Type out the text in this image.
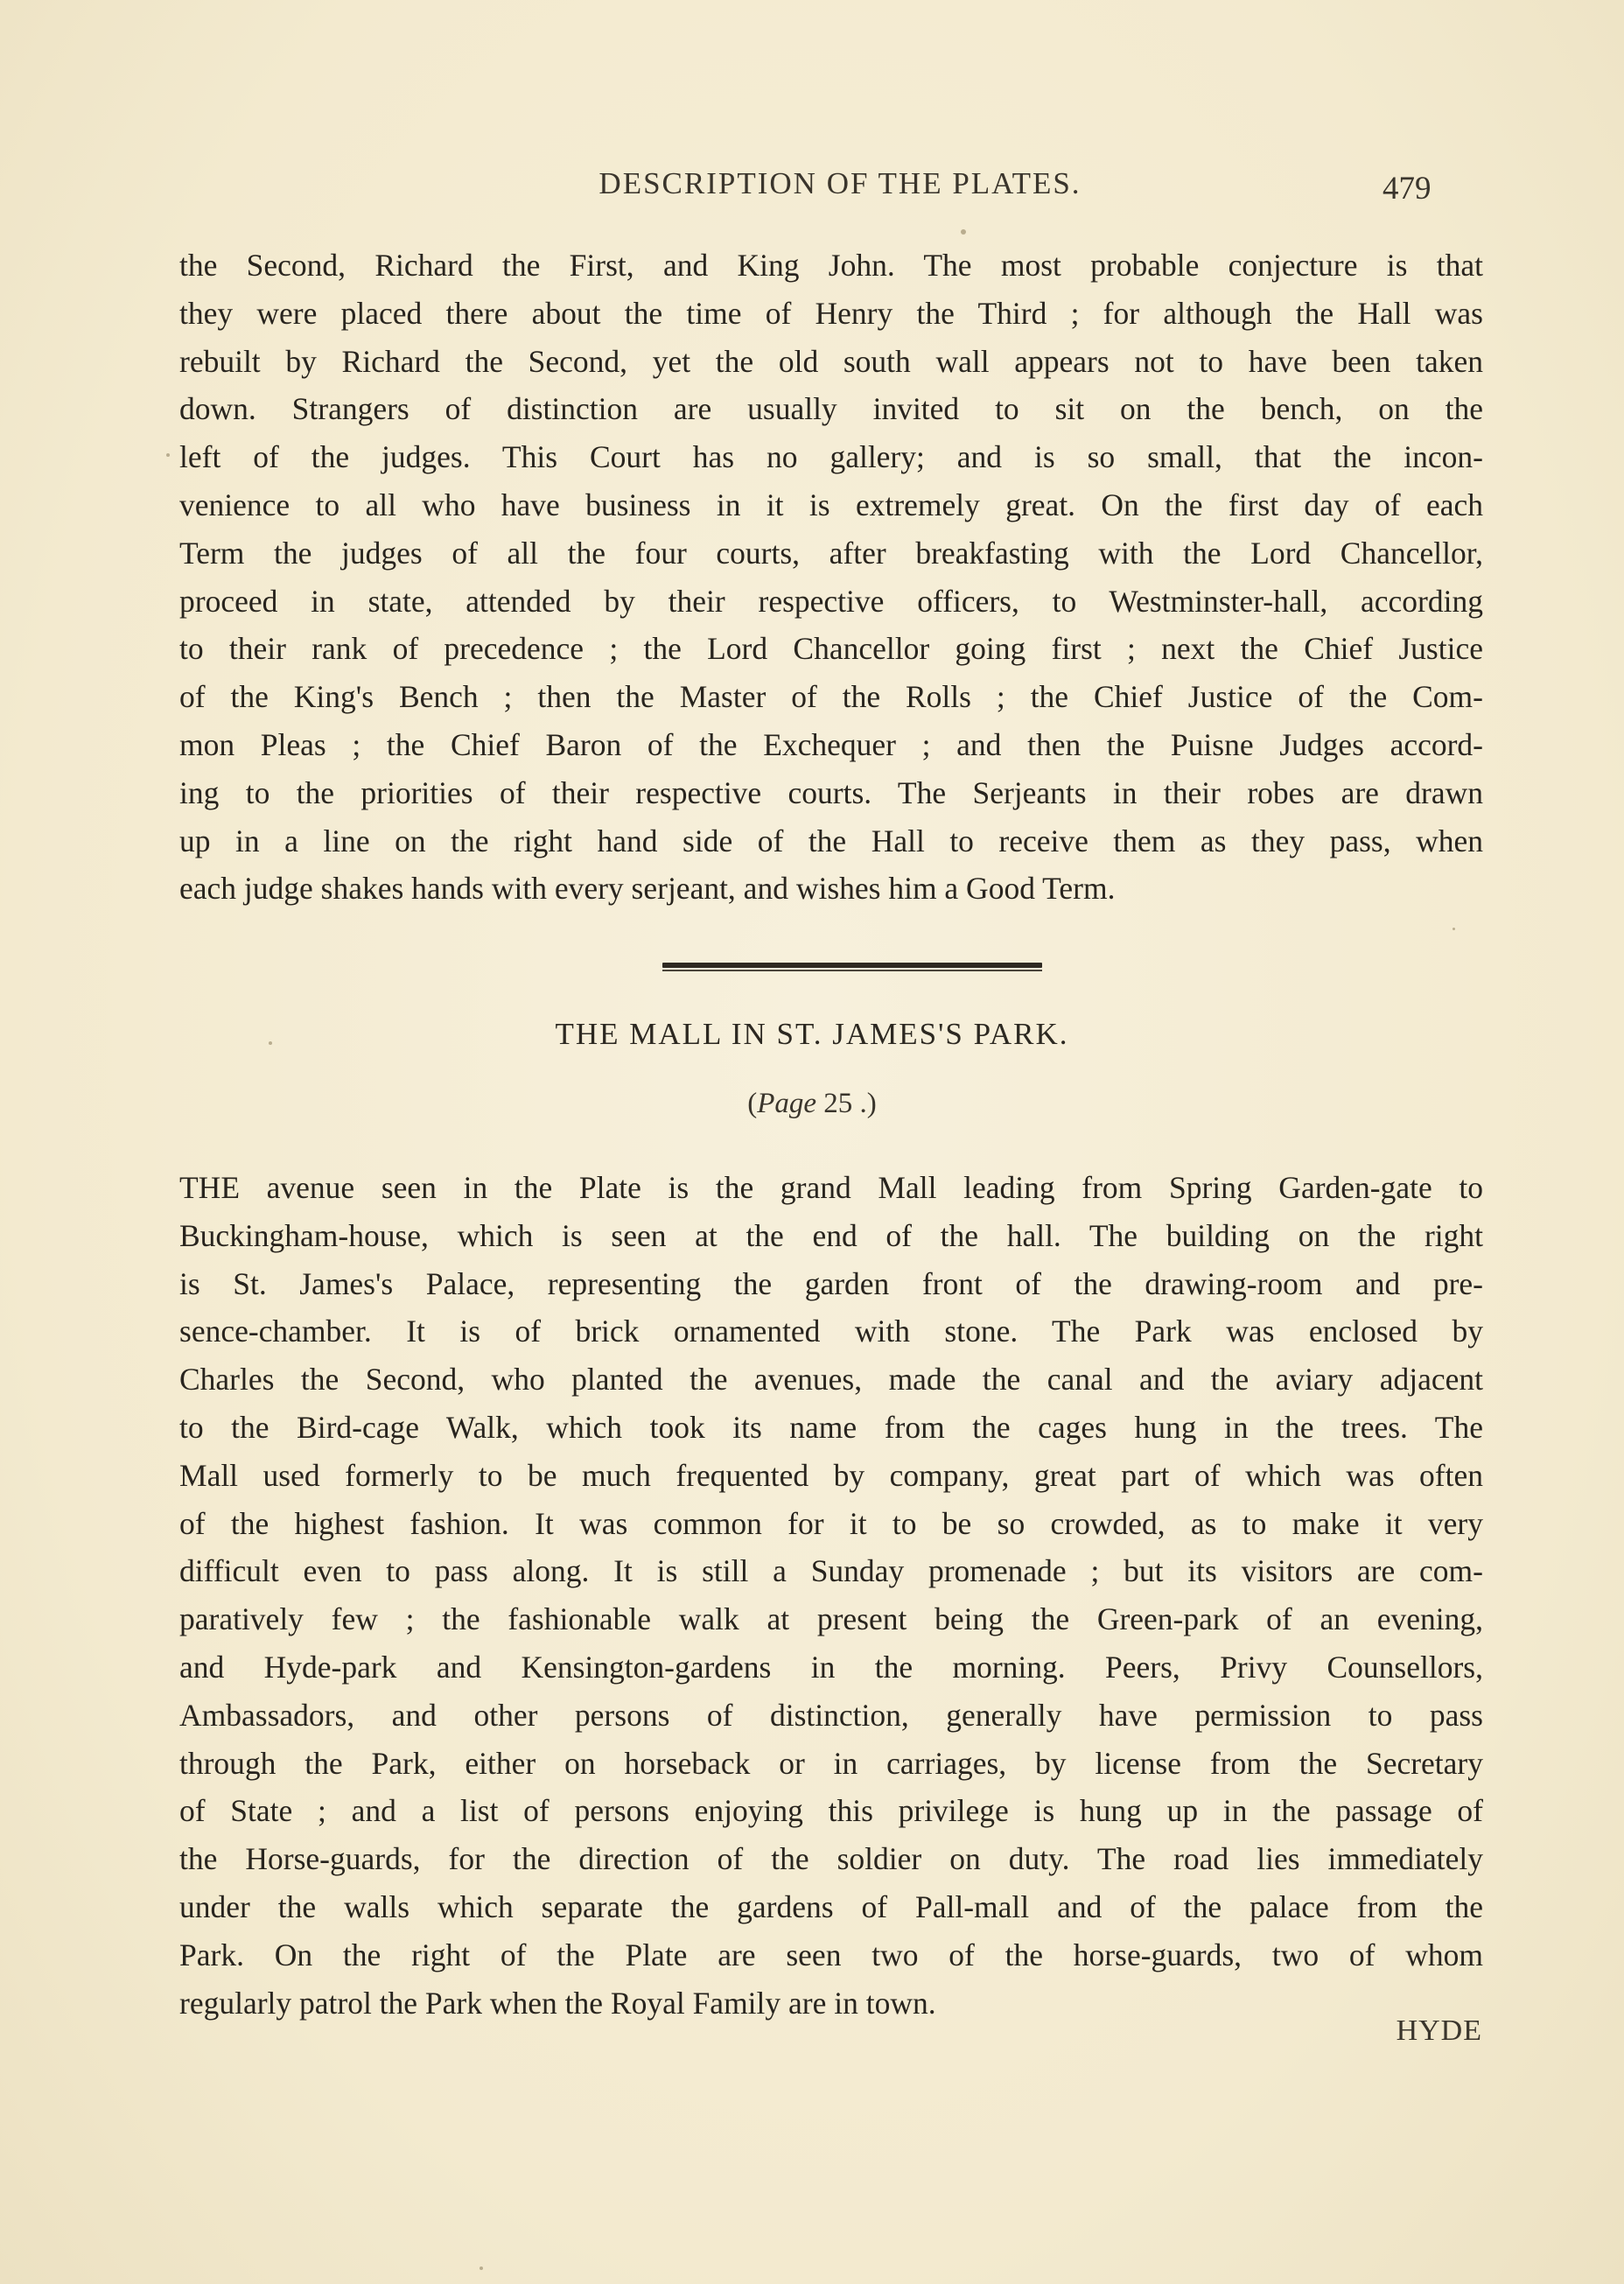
DESCRIPTION OF THE PLATES.	479
the Second, Richard the First, and King John. The most probable conjecture is that
they were placed there about the time of Henry the Third ; for although the Hall was
rebuilt by Richard the Second, yet the old south wall appears not to have been taken
down. Strangers of distinction are usually invited to sit on the bench, on the
left of the judges. This Court has no gallery; and is so small, that the incon-
venience to all who have business in it is extremely great. On the first day of each
Term the judges of all the four courts, after breakfasting with the Lord Chancellor,
proceed in state, attended by their respective officers, to Westminster-hall, according
to their rank of precedence ; the Lord Chancellor going first ; next the Chief Justice
of the King's Bench ; then the Master of the Rolls ; the Chief Justice of the Com-
mon Pleas ; the Chief Baron of the Exchequer ; and then the Puisne Judges accord-
ing to the priorities of their respective courts. The Serjeants in their robes are drawn
up in a line on the right hand side of the Hall to receive them as they pass, when
each judge shakes hands with every serjeant, and wishes him a Good Term.
THE MALL IN ST. JAMES'S PARK.
(Page 25 .)
THE avenue seen in the Plate is the grand Mall leading from Spring Garden-gate to
Buckingham-house, which is seen at the end of the hall. The building on the right
is St. James's Palace, representing the garden front of the drawing-room and pre-
sence-chamber. It is of brick ornamented with stone. The Park was enclosed by
Charles the Second, who planted the avenues, made the canal and the aviary adjacent
to the Bird-cage Walk, which took its name from the cages hung in the trees. The
Mall used formerly to be much frequented by company, great part of which was often
of the highest fashion. It was common for it to be so crowded, as to make it very
difficult even to pass along. It is still a Sunday promenade ; but its visitors are com-
paratively few ; the fashionable walk at present being the Green-park of an evening,
and Hyde-park and Kensington-gardens in the morning. Peers, Privy Counsellors,
Ambassadors, and other persons of distinction, generally have permission to pass
through the Park, either on horseback or in carriages, by license from the Secretary
of State ; and a list of persons enjoying this privilege is hung up in the passage of
the Horse-guards, for the direction of the soldier on duty. The road lies immediately
under the walls which separate the gardens of Pall-mall and of the palace from the
Park. On the right of the Plate are seen two of the horse-guards, two of whom
regularly patrol the Park when the Royal Family are in town.
HYDE
